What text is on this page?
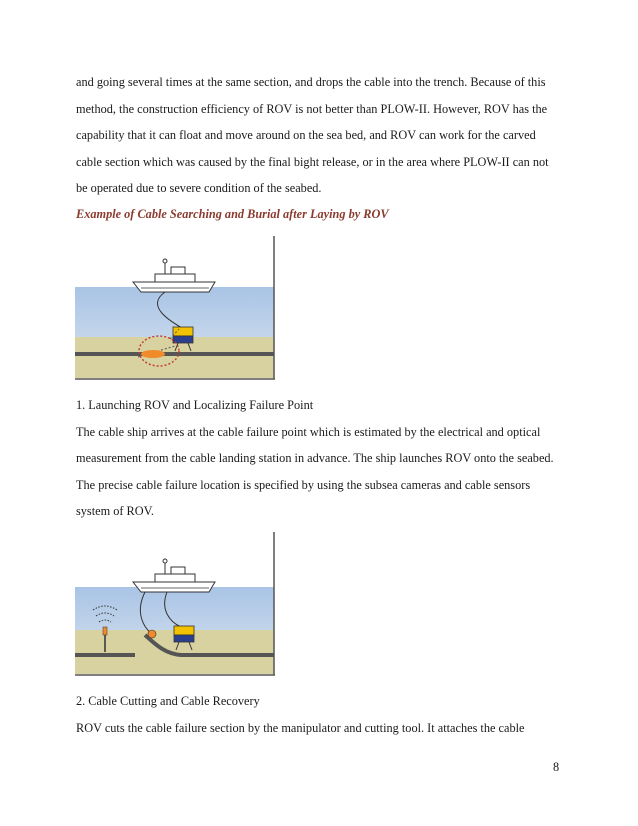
and going several times at the same section, and drops the cable into the trench. Because of this
method, the construction efficiency of ROV is not better than PLOW-II. However, ROV has the
capability that it can float and move around on the sea bed, and ROV can work for the carved
cable section which was caused by the final bight release, or in the area where PLOW-II can not
be operated due to severe condition of the seabed.

Example of Cable Searching and Burial after Laying by ROV

1. Launching ROV and Localizing Failure Point
The cable ship arrives at the cable failure point which is estimated by the electrical and optical
measurement from the cable landing station in advance. The ship launches ROV onto the seabed.
The precise cable failure location is specified by using the subsea cameras and cable sensors
system of ROV.
2. Cable Cutting and Cable Recovery
ROV cuts the cable failure section by the manipulator and cutting tool. It attaches the cable
8
